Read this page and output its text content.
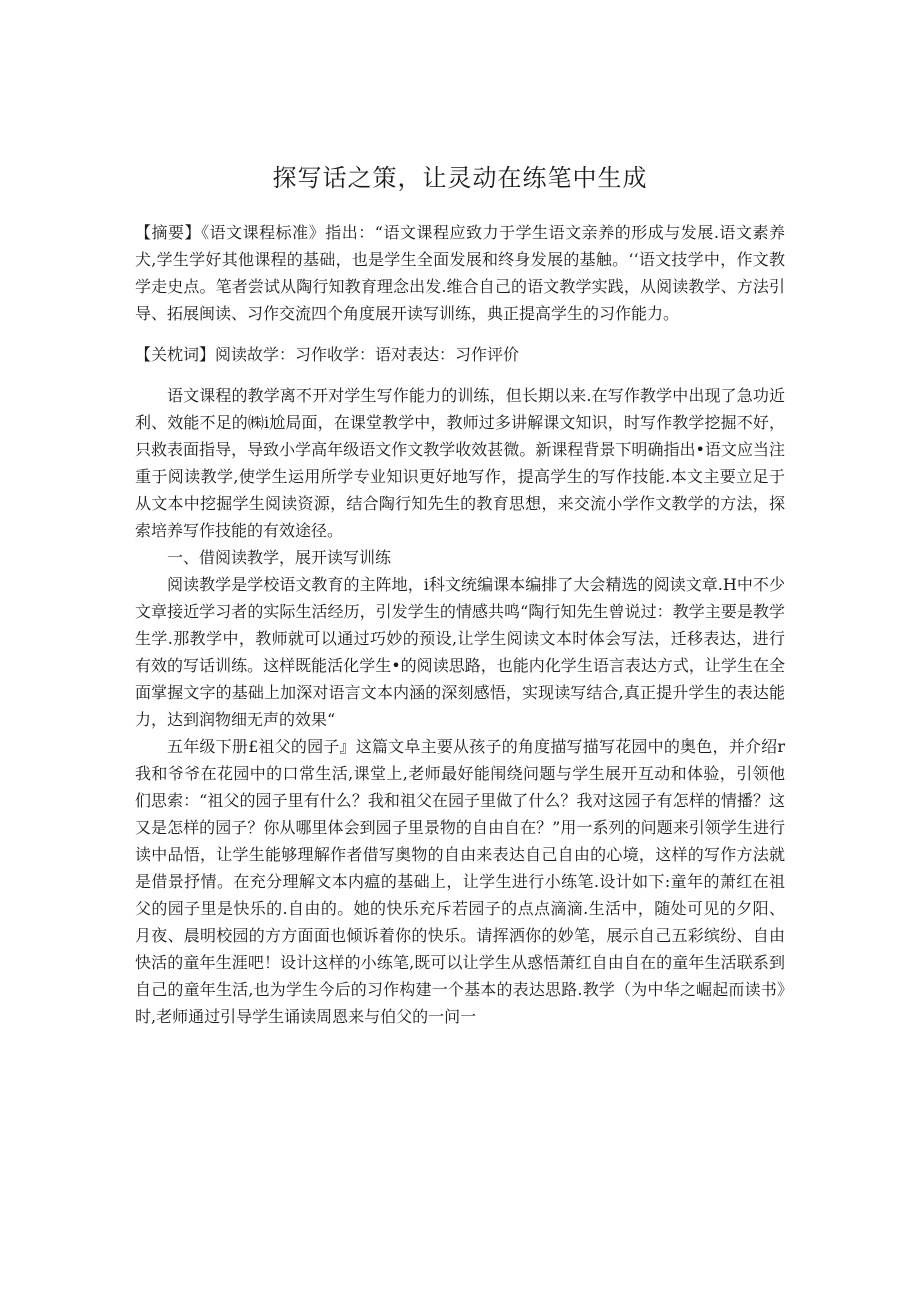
探写话之策，让灵动在练笔中生成

【摘要】《语文课程标准》指出：“语文课程应致力于学生语文亲养的形成与发展.语文素养犬,学生学好其他课程的基础，也是学生全面发展和终身发展的基触。‘‘语文技学中，作文教学走史点。笔者尝试从陶行知教育理念出发.维合自己的语文教学实践，从阅读教学、方法引导、拓展闽读、习作交流四个角度展开读写训练，典正提高学生的习作能力。

【关枕词】阅读故学：习作收学：语对表达：习作评价

语文课程的教学离不开对学生写作能力的训练，但长期以来.在写作教学中出现了急功近利、效能不足的㈱i尬局面，在课堂教学中，教师过多讲解课文知识，时写作教学挖掘不好，只救表面指导，导致小学高年级语文作文教学收效甚微。新课程背景下明确指出•语文应当注重于阅读教学,使学生运用所学专业知识更好地写作，提高学生的写作技能.本文主要立足于从文本中挖掘学生阅读资源，结合陶行知先生的教育思想，来交流小学作文教学的方法，探索培养写作技能的有效途径。

一、借阅读教学，展开读写训练

阅读教学是学校语文教育的主阵地，i科文统编课本编排了大会精选的阅读文章.H中不少文章接近学习者的实际生活经历，引发学生的情感共鸣“陶行知先生曾说过：教学主要是教学生学.那教学中，教师就可以通过巧妙的预设,让学生阅读文本时体会写法，迁移表达，进行有效的写话训练。这样既能活化学生•的阅读思路，也能内化学生语言表达方式，让学生在全面掌握文字的基础上加深对语言文本内涵的深刻感悟，实现读写结合,真正提升学生的表达能力，达到润物细无声的效果“

五年级下册£祖父的园子』这篇文阜主要从孩子的角度描写描写花园中的奥色，并介绍r我和爷爷在花园中的口常生活,课堂上,老师最好能闱绕问题与学生展开互动和体验，引领他们思索：“祖父的园子里有什么？我和祖父在园子里做了什么？我对这园子有怎样的情播？这又是怎样的园子？你从哪里体会到园子里景物的自由自在？”用一系列的问题来引领学生进行读中品悟，让学生能够理解作者借写奥物的自由来表达自己自由的心境，这样的写作方法就是借景抒情。在充分理解文本内瘟的基础上，让学生进行小练笔.设计如下:童年的萧红在祖父的园子里是快乐的.自由的。她的快乐充斥若园子的点点滴滴.生活中，随处可见的夕阳、月夜、晨明校园的方方面面也倾诉着你的快乐。请挥洒你的妙笔，展示自己五彩缤纷、自由快活的童年生涯吧！设计这样的小练笔,既可以让学生从惑悟萧红自由自在的童年生活联系到自己的童年生活,也为学生今后的习作构建一个基本的表达思路.教学（为中华之崛起而读书》时,老师通过引导学生诵读周恩来与伯父的一问一
